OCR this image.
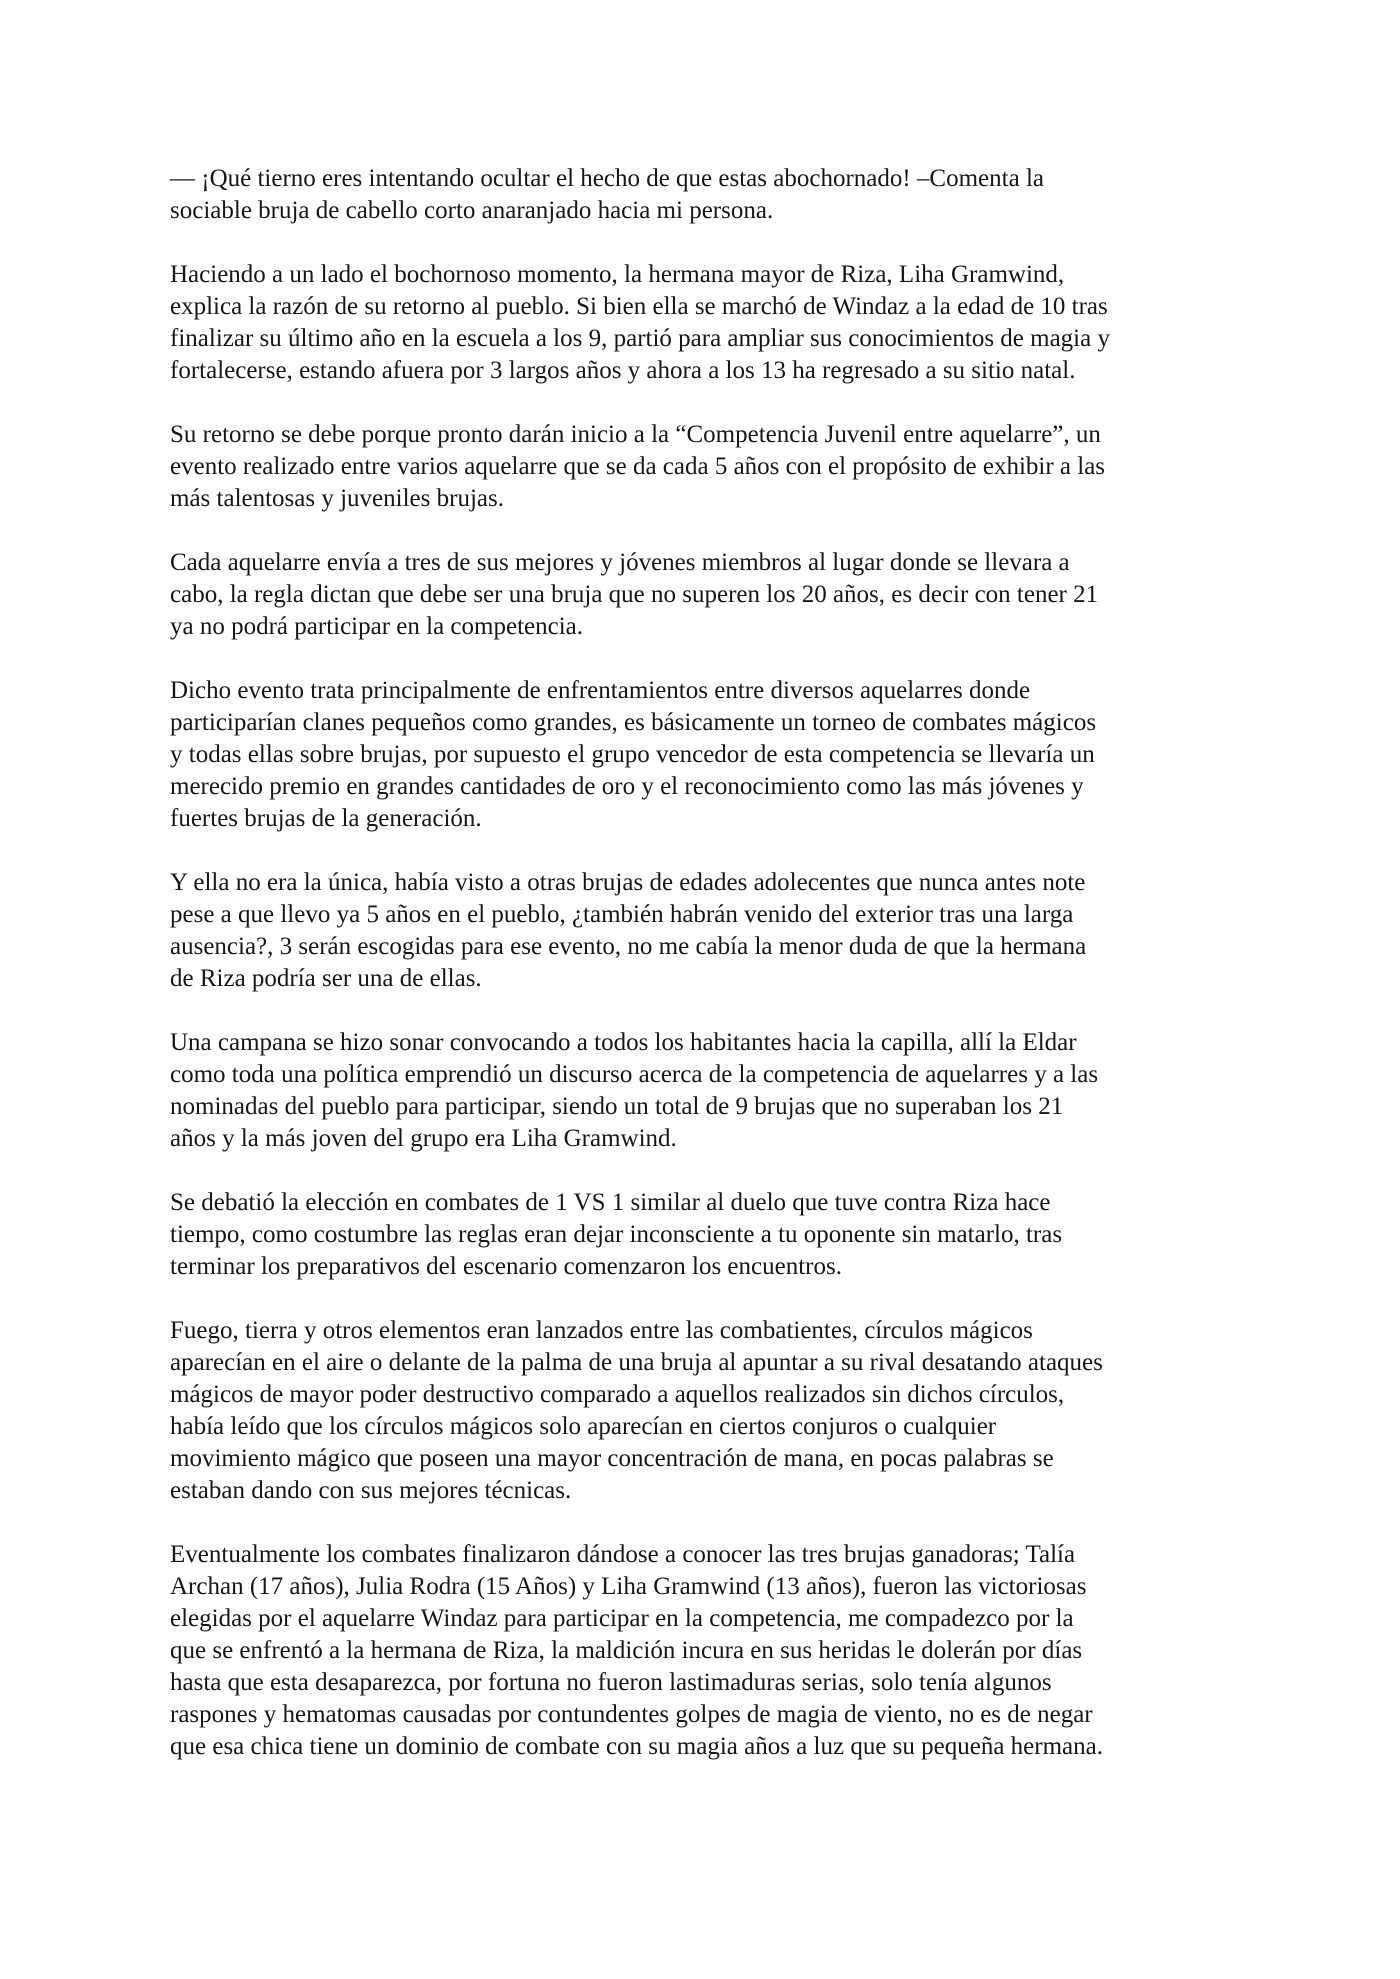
— ¡Qué tierno eres intentando ocultar el hecho de que estas abochornado! –Comenta la
sociable bruja de cabello corto anaranjado hacia mi persona.

Haciendo a un lado el bochornoso momento, la hermana mayor de Riza, Liha Gramwind,
explica la razón de su retorno al pueblo. Si bien ella se marchó de Windaz a la edad de 10 tras
finalizar su último año en la escuela a los 9, partió para ampliar sus conocimientos de magia y
fortalecerse, estando afuera por 3 largos años y ahora a los 13 ha regresado a su sitio natal.

Su retorno se debe porque pronto darán inicio a la “Competencia Juvenil entre aquelarre”, un
evento realizado entre varios aquelarre que se da cada 5 años con el propósito de exhibir a las
más talentosas y juveniles brujas.

Cada aquelarre envía a tres de sus mejores y jóvenes miembros al lugar donde se llevara a
cabo, la regla dictan que debe ser una bruja que no superen los 20 años, es decir con tener 21
ya no podrá participar en la competencia.

Dicho evento trata principalmente de enfrentamientos entre diversos aquelarres donde
participarían clanes pequeños como grandes, es básicamente un torneo de combates mágicos
y todas ellas sobre brujas, por supuesto el grupo vencedor de esta competencia se llevaría un
merecido premio en grandes cantidades de oro y el reconocimiento como las más jóvenes y
fuertes brujas de la generación.

Y ella no era la única, había visto a otras brujas de edades adolecentes que nunca antes note
pese a que llevo ya 5 años en el pueblo, ¿también habrán venido del exterior tras una larga
ausencia?, 3 serán escogidas para ese evento, no me cabía la menor duda de que la hermana
de Riza podría ser una de ellas.

Una campana se hizo sonar convocando a todos los habitantes hacia la capilla, allí la Eldar
como toda una política emprendió un discurso acerca de la competencia de aquelarres y a las
nominadas del pueblo para participar, siendo un total de 9 brujas que no superaban los 21
años y la más joven del grupo era Liha Gramwind.

Se debatió la elección en combates de 1 VS 1 similar al duelo que tuve contra Riza hace
tiempo, como costumbre las reglas eran dejar inconsciente a tu oponente sin matarlo, tras
terminar los preparativos del escenario comenzaron los encuentros.

Fuego, tierra y otros elementos eran lanzados entre las combatientes, círculos mágicos
aparecían en el aire o delante de la palma de una bruja al apuntar a su rival desatando ataques
mágicos de mayor poder destructivo comparado a aquellos realizados sin dichos círculos,
había leído que los círculos mágicos solo aparecían en ciertos conjuros o cualquier
movimiento mágico que poseen una mayor concentración de mana, en pocas palabras se
estaban dando con sus mejores técnicas.

Eventualmente los combates finalizaron dándose a conocer las tres brujas ganadoras; Talía
Archan (17 años), Julia Rodra (15 Años) y Liha Gramwind (13 años), fueron las victoriosas
elegidas por el aquelarre Windaz para participar en la competencia, me compadezco por la
que se enfrentó a la hermana de Riza, la maldición incura en sus heridas le dolerán por días
hasta que esta desaparezca, por fortuna no fueron lastimaduras serias, solo tenía algunos
raspones y hematomas causadas por contundentes golpes de magia de viento, no es de negar
que esa chica tiene un dominio de combate con su magia años a luz que su pequeña hermana.
